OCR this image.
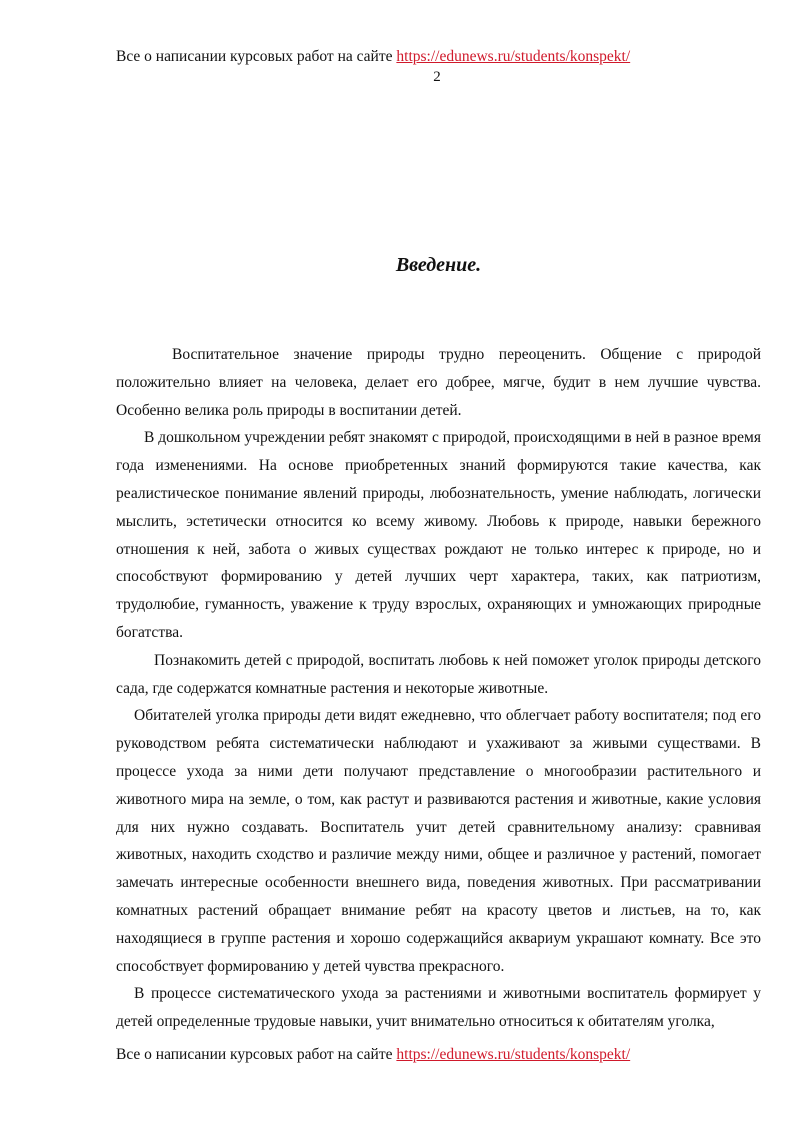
Все о написании курсовых работ на сайте https://edunews.ru/students/konspekt/
2
Введение.

Воспитательное значение природы трудно переоценить. Общение с природой положительно влияет на человека, делает его добрее, мягче, будит в нем лучшие чувства. Особенно велика роль природы в воспитании детей.

В дошкольном учреждении ребят знакомят с природой, происходящими в ней в разное время года изменениями. На основе приобретенных знаний формируются такие качества, как реалистическое понимание явлений природы, любознательность, умение наблюдать, логически мыслить, эстетически относится ко всему живому. Любовь к природе, навыки бережного отношения к ней, забота о живых существах рождают не только интерес к природе, но и способствуют формированию у детей лучших черт характера, таких, как патриотизм, трудолюбие, гуманность, уважение к труду взрослых, охраняющих и умножающих природные богатства.

Познакомить детей с природой, воспитать любовь к ней поможет уголок природы детского сада, где содержатся комнатные растения и некоторые животные.

Обитателей уголка природы дети видят ежедневно, что облегчает работу воспитателя; под его руководством ребята систематически наблюдают и ухаживают за живыми существами. В процессе ухода за ними дети получают представление о многообразии растительного и животного мира на земле, о том, как растут и развиваются растения и животные, какие условия для них нужно создавать. Воспитатель учит детей сравнительному анализу: сравнивая животных, находить сходство и различие между ними, общее и различное у растений, помогает замечать интересные особенности внешнего вида, поведения животных. При рассматривании комнатных растений обращает внимание ребят на красоту цветов и листьев, на то, как находящиеся в группе растения и хорошо содержащийся аквариум украшают комнату. Все это способствует формированию у детей чувства прекрасного.

В процессе систематического ухода за растениями и животными воспитатель формирует у детей определенные трудовые навыки, учит внимательно относиться к обитателям уголка,

Все о написании курсовых работ на сайте https://edunews.ru/students/konspekt/
